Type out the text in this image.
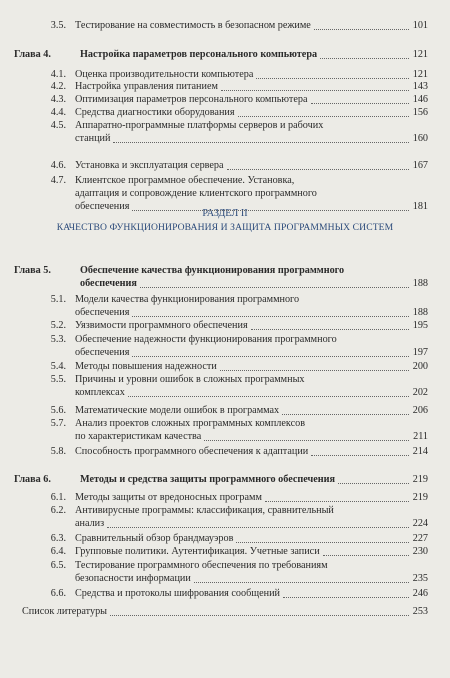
РАЗДЕЛ II
КАЧЕСТВО ФУНКЦИОНИРОВАНИЯ И ЗАЩИТА ПРОГРАММНЫХ СИСТЕМ
3.5. Тестирование на совместимость в безопасном режиме	101
Глава 4.	Настройка параметров персонального компьютера	121
4.1. Оценка производительности компьютера	121
4.2. Настройка управления питанием	143
4.3. Оптимизация параметров персонального компьютера	146
4.4. Средства диагностики оборудования	156
4.5. Аппаратно-программные платформы серверов и рабочих
станций	160
4.6. Установка и эксплуатация сервера	167
4.7. Клиентское программное обеспечение. Установка,
адаптация и сопровождение клиентского программного
обеспечения	181
Глава 5.	Обеспечение качества функционирования программного
обеспечения	188
5.1. Модели качества функционирования программного
обеспечения	188
5.2. Уязвимости программного обеспечения	195
5.3. Обеспечение надежности функционирования программного
обеспечения	197
5.4. Методы повышения надежности	200
5.5. Причины и уровни ошибок в сложных программных
комплексах	202
5.6. Математические модели ошибок в программах	206
5.7. Анализ проектов сложных программных комплексов
по характеристикам качества	211
5.8. Способность программного обеспечения к адаптации	214
Глава 6.	Методы и средства защиты программного обеспечения	219
6.1. Методы защиты от вредоносных программ	219
6.2. Антивирусные программы: классификация, сравнительный
анализ	224
6.3. Сравнительный обзор брандмауэров	227
6.4. Групповые политики. Аутентификация. Учетные записи	230
6.5. Тестирование программного обеспечения по требованиям
безопасности информации	235
6.6. Средства и протоколы шифрования сообщений	246
Список литературы	253
